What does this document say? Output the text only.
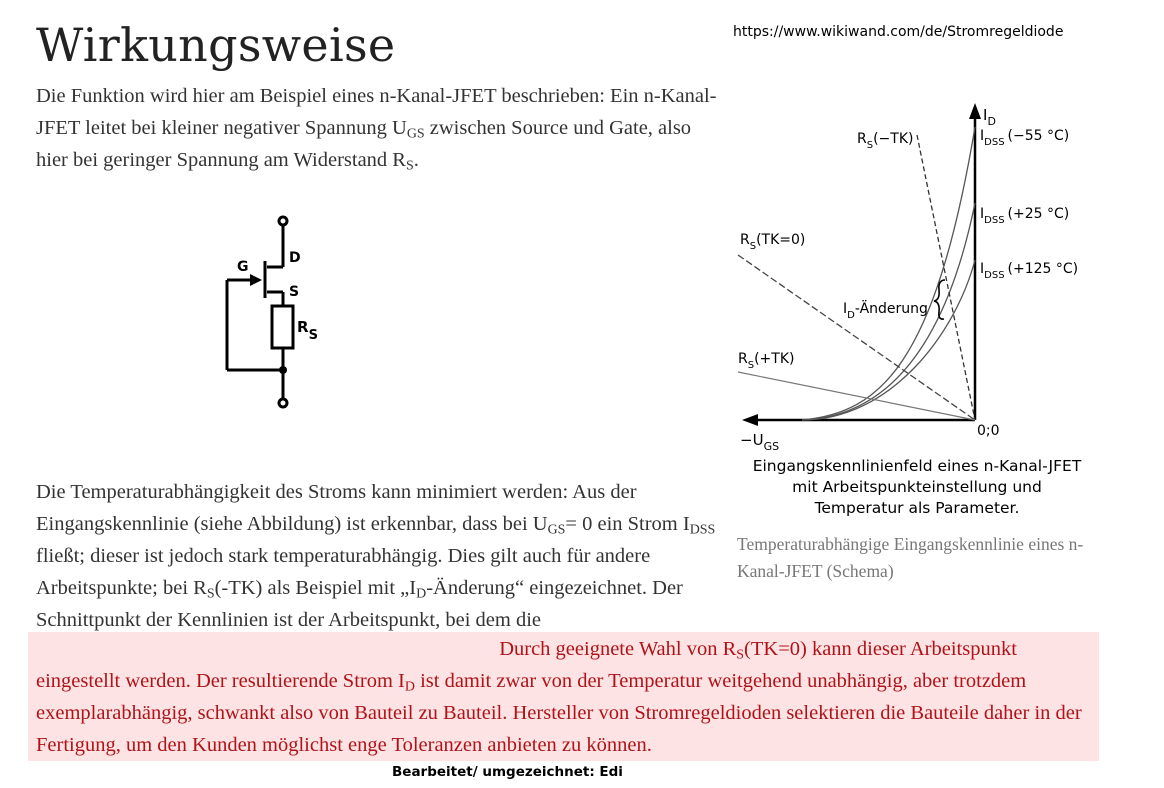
Wirkungsweise	https://www.wikiwand.com/de/Stromregeldiode
Die Funktion wird hier am Beispiel eines n-Kanal-JFET beschrieben: Ein n-Kanal-JFET leitet bei kleiner negativer Spannung $U_{GS}$ zwischen Source und Gate, also hier bei geringer Spannung am Widerstand $R_S$.
G
D
S
RS
$I_D$
$-U_{GS}$
0;0
$I_{DSS}$ (−55 °C)
$I_{DSS}$ (+25 °C)
$I_{DSS}$ (+125 °C)
$R_S(-TK)$
$R_S(TK=0)$
$R_S(+TK)$
$I_D$-Änderung
Eingangskennlinienfeld eines n-Kanal-JFET
mit Arbeitspunkteinstellung und
Temperatur als Parameter.
Temperaturabhängige Eingangskennlinie eines n-Kanal-JFET (Schema)
Die Temperaturabhängigkeit des Stroms kann minimiert werden: Aus der Eingangskennlinie (siehe Abbildung) ist erkennbar, dass bei $U_{GS}= 0$ ein Strom $I_{DSS}$ fließt; dieser ist jedoch stark temperaturabhängig. Dies gilt auch für andere Arbeitspunkte; bei $R_S(-TK)$ als Beispiel mit $„I_D-Änderung“$ eingezeichnet. Der Schnittpunkt der Kennlinien ist der Arbeitspunkt, bei dem die
Durch geeignete Wahl von $R_S(TK=0)$ kann dieser Arbeitspunkt eingestellt werden. Der resultierende Strom $I_D$ ist damit zwar von der Temperatur weitgehend unabhängig, aber trotzdem exemplarabhängig, schwankt also von Bauteil zu Bauteil. Hersteller von Stromregeldioden selektieren die Bauteile daher in der Fertigung, um den Kunden möglichst enge Toleranzen anbieten zu können.
Bearbeitet/ umgezeichnet: Edi
